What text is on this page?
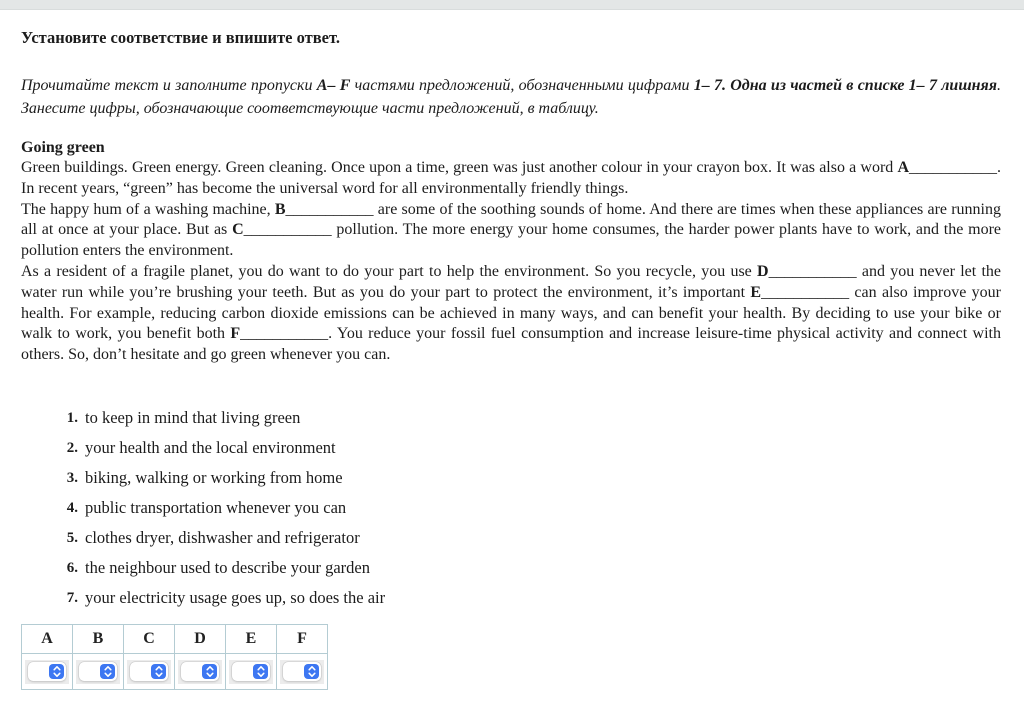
Установите соответствие и впишите ответ.

Прочитайте текст и заполните пропуски А– F частями предложений, обозначенными цифрами 1– 7. Одна из частей в списке 1– 7 лишняя. Занесите цифры, обозначающие соответствующие части предложений, в таблицу.

Going green

Green buildings. Green energy. Green cleaning. Once upon a time, green was just another colour in your crayon box. It was also a word A___________. In recent years, “green” has become the universal word for all environmentally friendly things.

The happy hum of a washing machine, B___________ are some of the soothing sounds of home. And there are times when these appliances are running all at once at your place. But as C___________ pollution. The more energy your home consumes, the harder power plants have to work, and the more pollution enters the environment.

As a resident of a fragile planet, you do want to do your part to help the environment. So you recycle, you use D___________ and you never let the water run while you’re brushing your teeth. But as you do your part to protect the environment, it’s important E___________ can also improve your health. For example, reducing carbon dioxide emissions can be achieved in many ways, and can benefit your health. By deciding to use your bike or walk to work, you benefit both F___________. You reduce your fossil fuel consumption and increase leisure-time physical activity and connect with others. So, don’t hesitate and go green whenever you can.

1. to keep in mind that living green
2. your health and the local environment
3. biking, walking or working from home
4. public transportation whenever you can
5. clothes dryer, dishwasher and refrigerator
6. the neighbour used to describe your garden
7. your electricity usage goes up, so does the air
A	B	C	D	E	F
